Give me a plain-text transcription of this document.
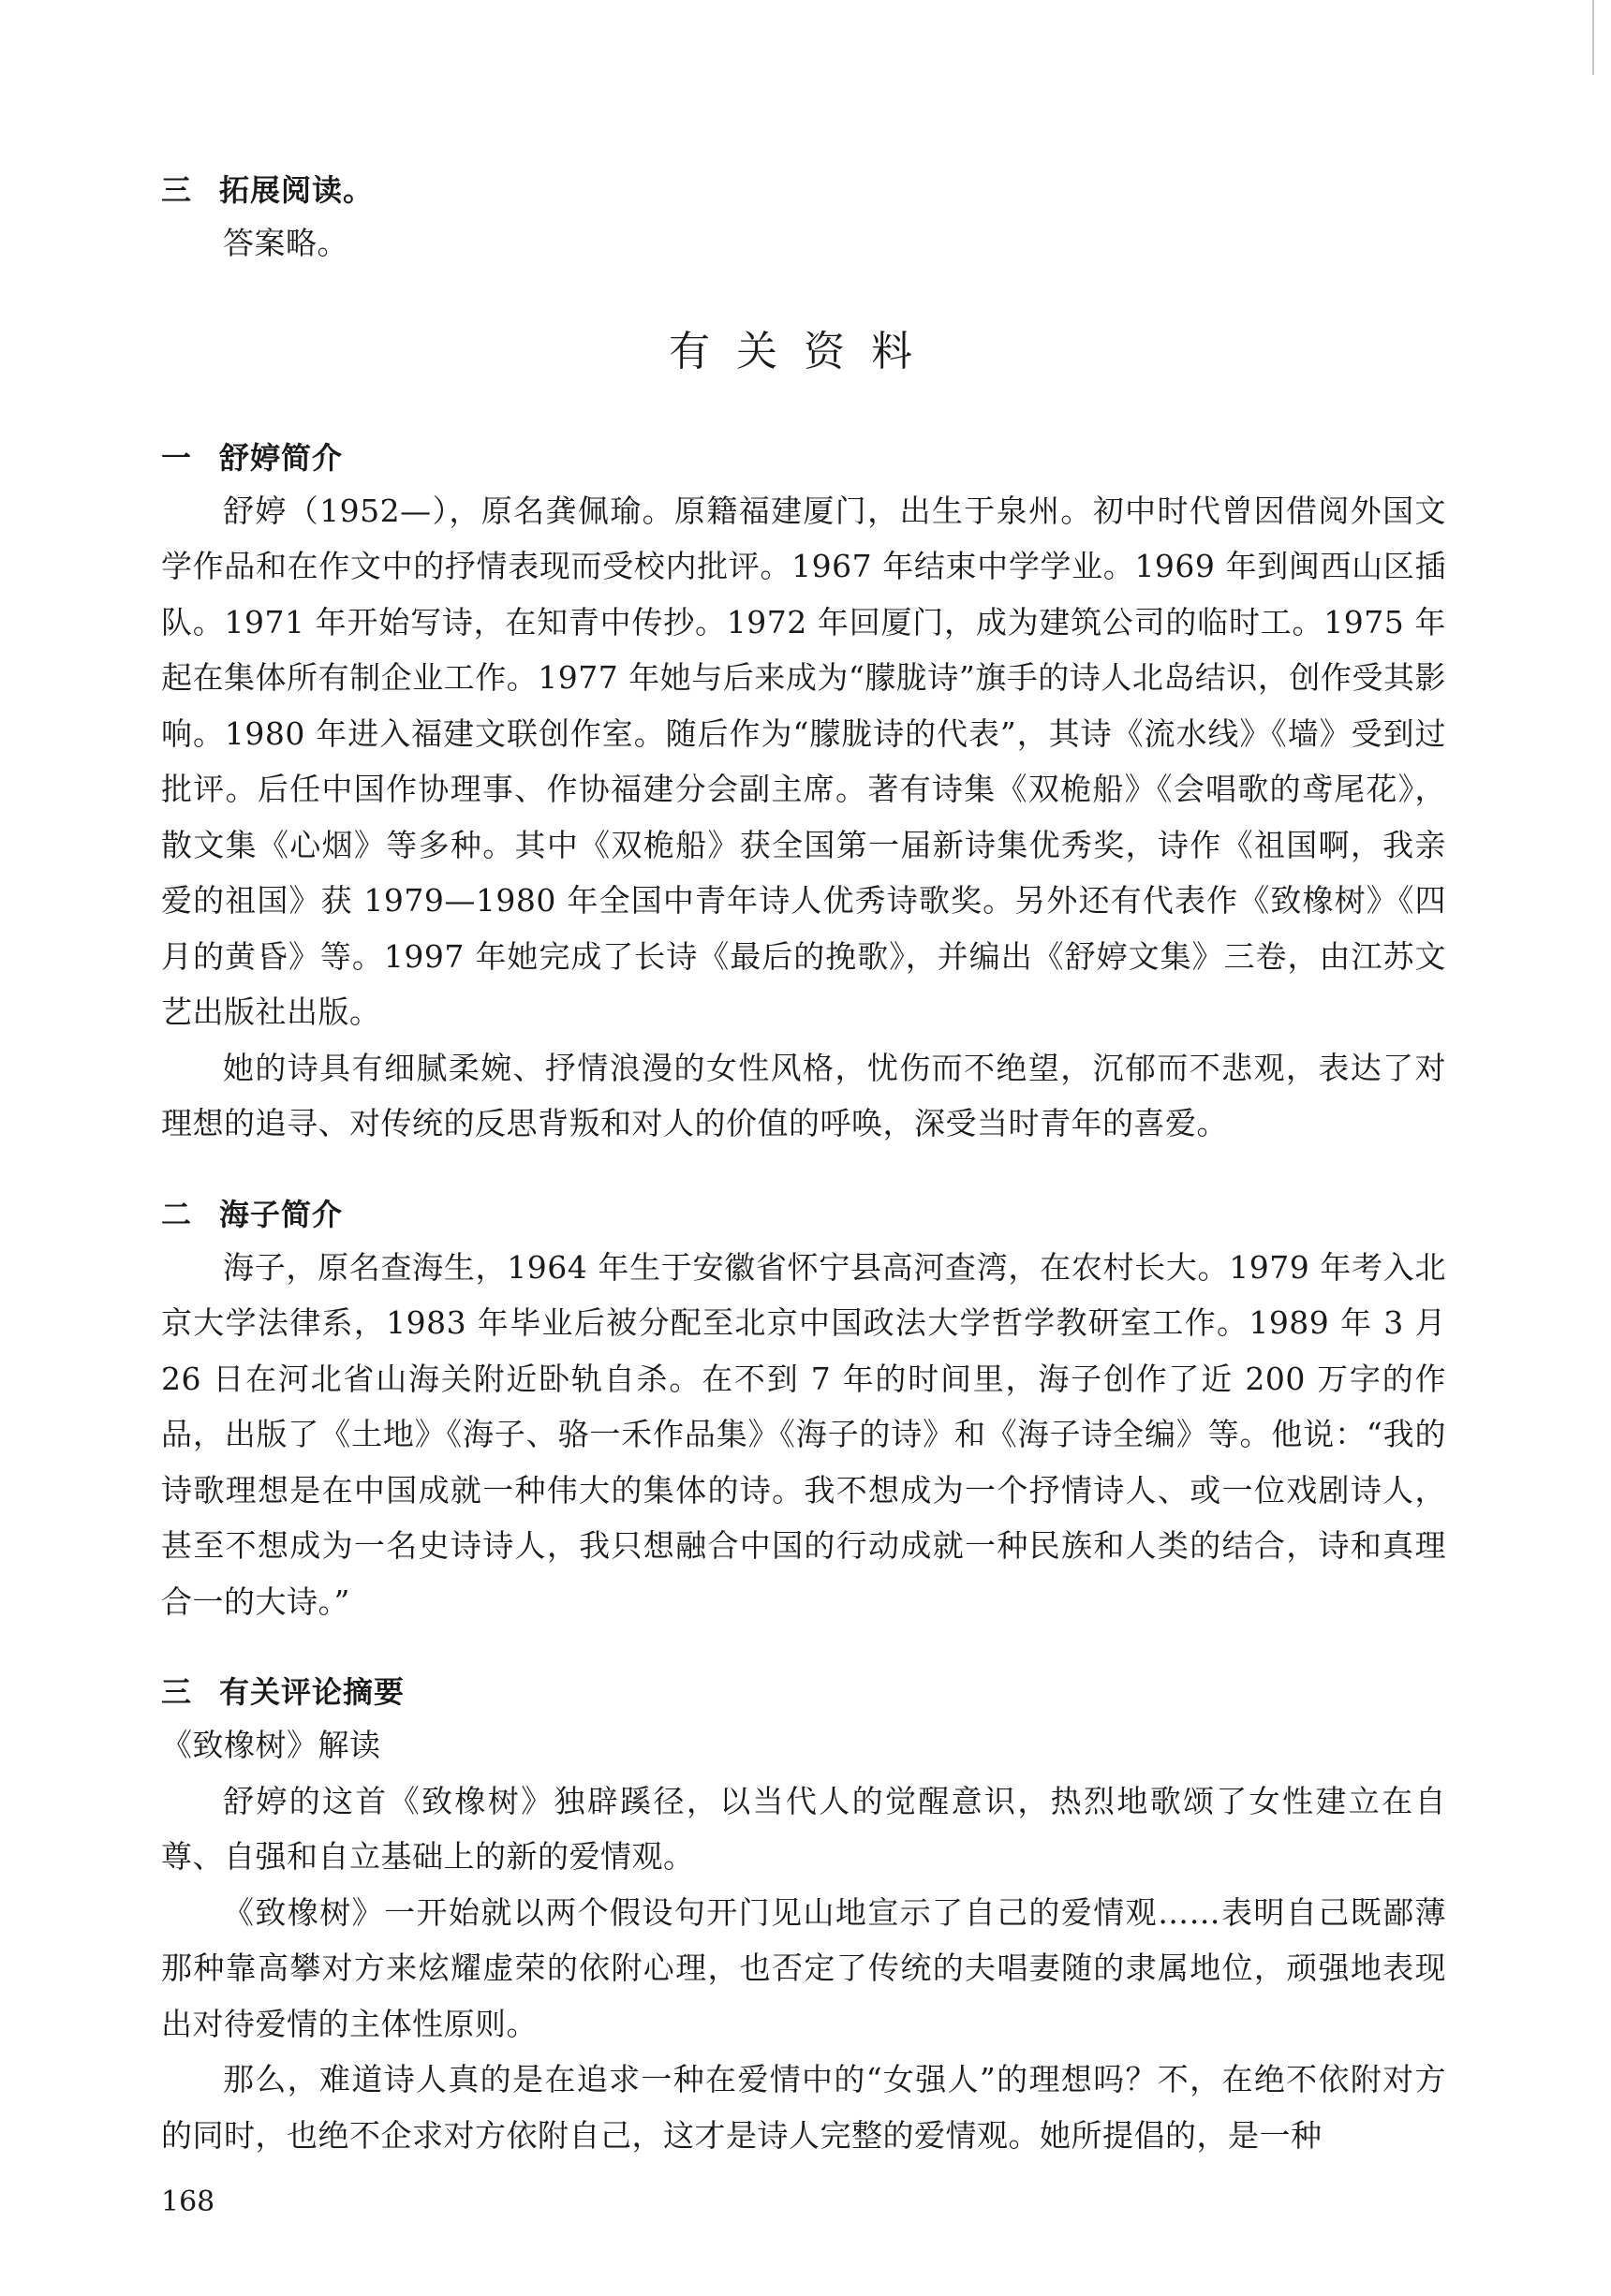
三 拓展阅读。

答案略。

有关资料
一 舒婷简介

舒婷（1952—），原名龚佩瑜。原籍福建厦门，出生于泉州。初中时代曾因借阅外国文学作品和在作文中的抒情表现而受校内批评。1967 年结束中学学业。1969 年到闽西山区插队。1971 年开始写诗，在知青中传抄。1972 年回厦门，成为建筑公司的临时工。1975 年起在集体所有制企业工作。1977 年她与后来成为“朦胧诗”旗手的诗人北岛结识，创作受其影响。1980 年进入福建文联创作室。随后作为“朦胧诗的代表”，其诗《流水线》《墙》受到过批评。后任中国作协理事、作协福建分会副主席。著有诗集《双桅船》《会唱歌的鸢尾花》，散文集《心烟》等多种。其中《双桅船》获全国第一届新诗集优秀奖，诗作《祖国啊，我亲爱的祖国》获 1979—1980 年全国中青年诗人优秀诗歌奖。另外还有代表作《致橡树》《四月的黄昏》等。1997 年她完成了长诗《最后的挽歌》，并编出《舒婷文集》三卷，由江苏文艺出版社出版。

她的诗具有细腻柔婉、抒情浪漫的女性风格，忧伤而不绝望，沉郁而不悲观，表达了对理想的追寻、对传统的反思背叛和对人的价值的呼唤，深受当时青年的喜爱。

二 海子简介

海子，原名查海生，1964 年生于安徽省怀宁县高河查湾，在农村长大。1979 年考入北京大学法律系，1983 年毕业后被分配至北京中国政法大学哲学教研室工作。1989 年 3 月 26 日在河北省山海关附近卧轨自杀。在不到 7 年的时间里，海子创作了近 200 万字的作品，出版了《土地》《海子、骆一禾作品集》《海子的诗》和《海子诗全编》等。他说：“我的诗歌理想是在中国成就一种伟大的集体的诗。我不想成为一个抒情诗人、或一位戏剧诗人，甚至不想成为一名史诗诗人，我只想融合中国的行动成就一种民族和人类的结合，诗和真理合一的大诗。”

三 有关评论摘要

《致橡树》解读

舒婷的这首《致橡树》独辟蹊径，以当代人的觉醒意识，热烈地歌颂了女性建立在自尊、自强和自立基础上的新的爱情观。

《致橡树》一开始就以两个假设句开门见山地宣示了自己的爱情观……表明自己既鄙薄那种靠高攀对方来炫耀虚荣的依附心理，也否定了传统的夫唱妻随的隶属地位，顽强地表现出对待爱情的主体性原则。

那么，难道诗人真的是在追求一种在爱情中的“女强人”的理想吗？不，在绝不依附对方的同时，也绝不企求对方依附自己，这才是诗人完整的爱情观。她所提倡的，是一种

168
